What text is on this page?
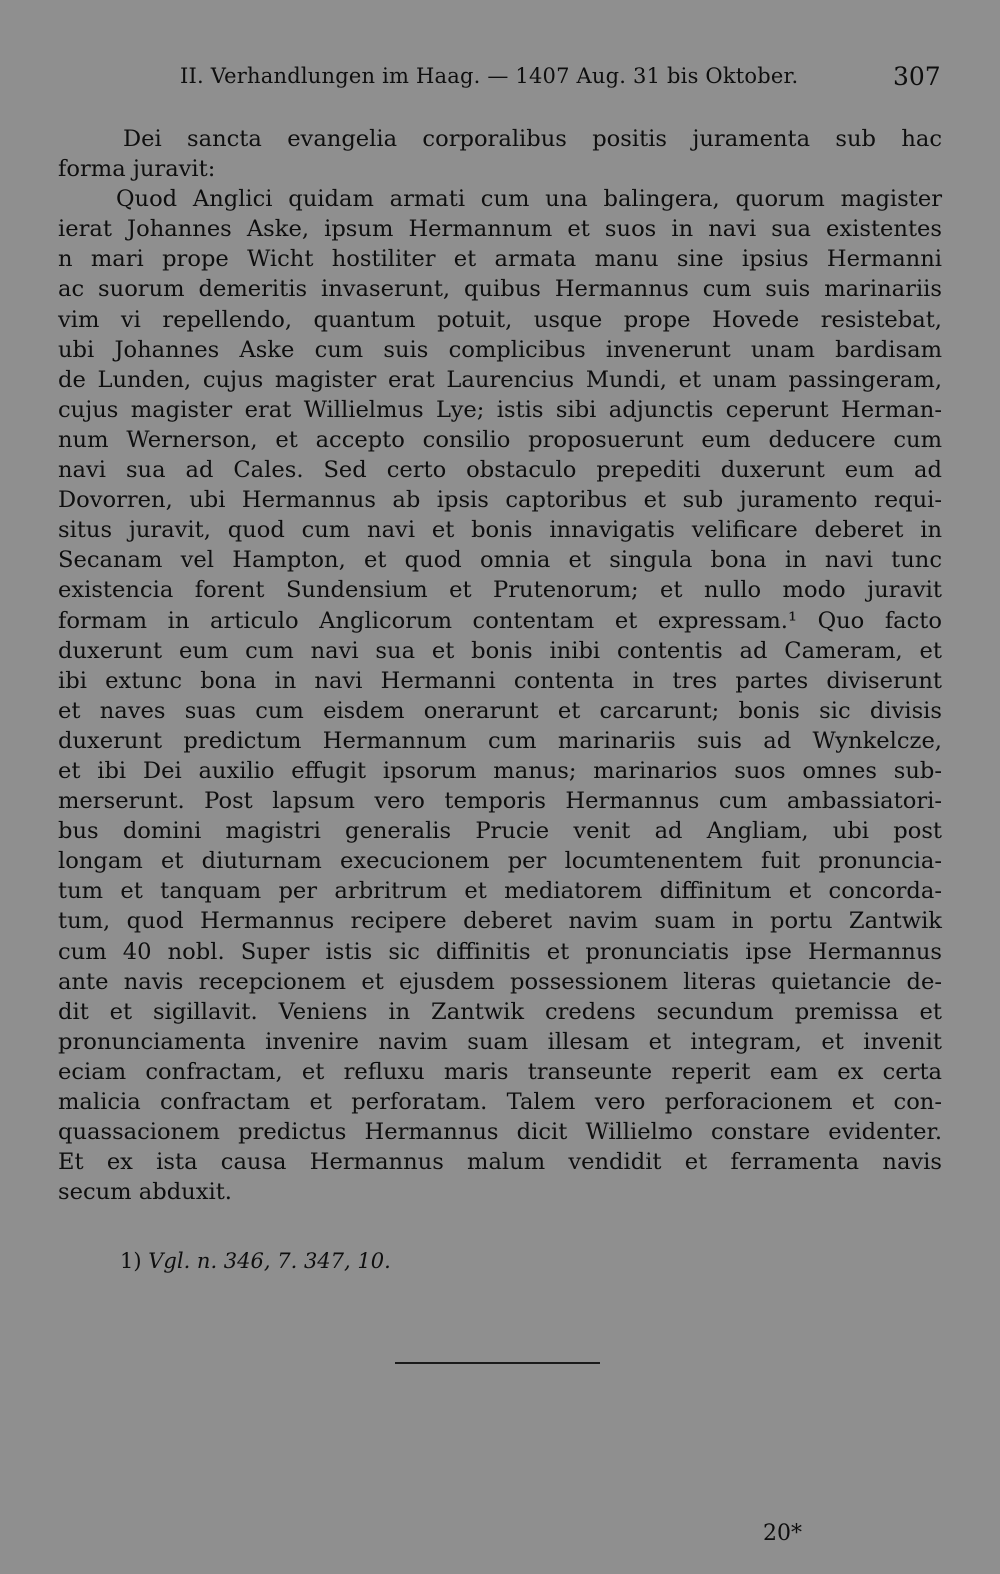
II. Verhandlungen im Haag. — 1407 Aug. 31 bis Oktober.	307
Dei sancta evangelia corporalibus positis juramenta sub hac
forma juravit:
Quod Anglici quidam armati cum una balingera, quorum magister
ierat Johannes Aske, ipsum Hermannum et suos in navi sua existentes
n mari prope Wicht hostiliter et armata manu sine ipsius Hermanni
ac suorum demeritis invaserunt, quibus Hermannus cum suis marinariis
vim vi repellendo, quantum potuit, usque prope Hovede resistebat,
ubi Johannes Aske cum suis complicibus invenerunt unam bardisam
de Lunden, cujus magister erat Laurencius Mundi, et unam passingeram,
cujus magister erat Willielmus Lye; istis sibi adjunctis ceperunt Herman-
num Wernerson, et accepto consilio proposuerunt eum deducere cum
navi sua ad Cales. Sed certo obstaculo prepediti duxerunt eum ad
Dovorren, ubi Hermannus ab ipsis captoribus et sub juramento requi-
situs juravit, quod cum navi et bonis innavigatis velificare deberet in
Secanam vel Hampton, et quod omnia et singula bona in navi tunc
existencia forent Sundensium et Prutenorum; et nullo modo juravit
formam in articulo Anglicorum contentam et expressam.¹ Quo facto
duxerunt eum cum navi sua et bonis inibi contentis ad Cameram, et
ibi extunc bona in navi Hermanni contenta in tres partes diviserunt
et naves suas cum eisdem onerarunt et carcarunt; bonis sic divisis
duxerunt predictum Hermannum cum marinariis suis ad Wynkelcze,
et ibi Dei auxilio effugit ipsorum manus; marinarios suos omnes sub-
merserunt. Post lapsum vero temporis Hermannus cum ambassiatori-
bus domini magistri generalis Prucie venit ad Angliam, ubi post
longam et diuturnam execucionem per locumtenentem fuit pronuncia-
tum et tanquam per arbritrum et mediatorem diffinitum et concorda-
tum, quod Hermannus recipere deberet navim suam in portu Zantwik
cum 40 nobl. Super istis sic diffinitis et pronunciatis ipse Hermannus
ante navis recepcionem et ejusdem possessionem literas quietancie de-
dit et sigillavit. Veniens in Zantwik credens secundum premissa et
pronunciamenta invenire navim suam illesam et integram, et invenit
eciam confractam, et refluxu maris transeunte reperit eam ex certa
malicia confractam et perforatam. Talem vero perforacionem et con-
quassacionem predictus Hermannus dicit Willielmo constare evidenter.
Et ex ista causa Hermannus malum vendidit et ferramenta navis
secum abduxit.
1) Vgl. n. 346, 7. 347, 10.
20*
